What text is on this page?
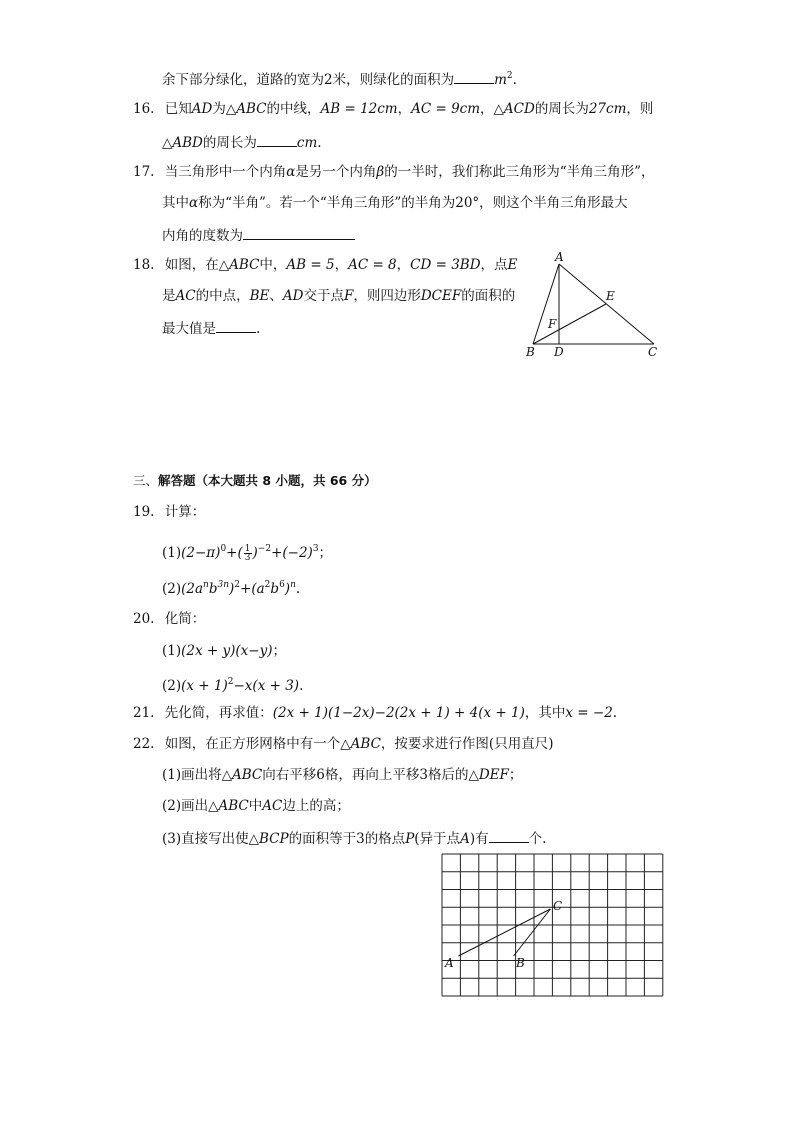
余下部分绿化，道路的宽为2米，则绿化的面积为	$m^2$.
16. 已知AD为△ABC的中线，AB = 12cm，AC = 9cm，△ACD的周长为27cm，则
△ABD的周长为	cm.
17. 当三角形中一个内角α是另一个内角β的一半时，我们称此三角形为“半角三角形”，
其中α称为“半角”。若一个“半角三角形”的半角为20°，则这个半角三角形最大
内角的度数为
18. 如图，在△ABC中，AB = 5，AC = 8，CD = 3BD，点E
是AC的中点，BE、AD交于点F，则四边形DCEF的面积的
最大值是	.
A
B D	C
E
F
三、解答题（本大题共 8 小题，共 66 分）
19. 计算：
$(1)(2-\pi)^0+( \frac{1}{3} )^{-2}+(-2)^3$；
$(2)(2a^nb^{3n})^2+(a^2b^6)^n$.
20. 化简：
(1)(2x + y)(x−y)；
$(2)(x + 1)^2-x(x + 3)$.
21. 先化简，再求值：(2x + 1)(1−2x)−2(2x + 1) + 4(x + 1)，其中x = −2.
22. 如图，在正方形网格中有一个△ABC，按要求进行作图(只用直尺)
(1)画出将△ABC向右平移6格，再向上平移3格后的△DEF；
(2)画出△ABC中AC边上的高；
(3)直接写出使△BCP的面积等于3的格点P(异于点A)有	个.
A	B
C
